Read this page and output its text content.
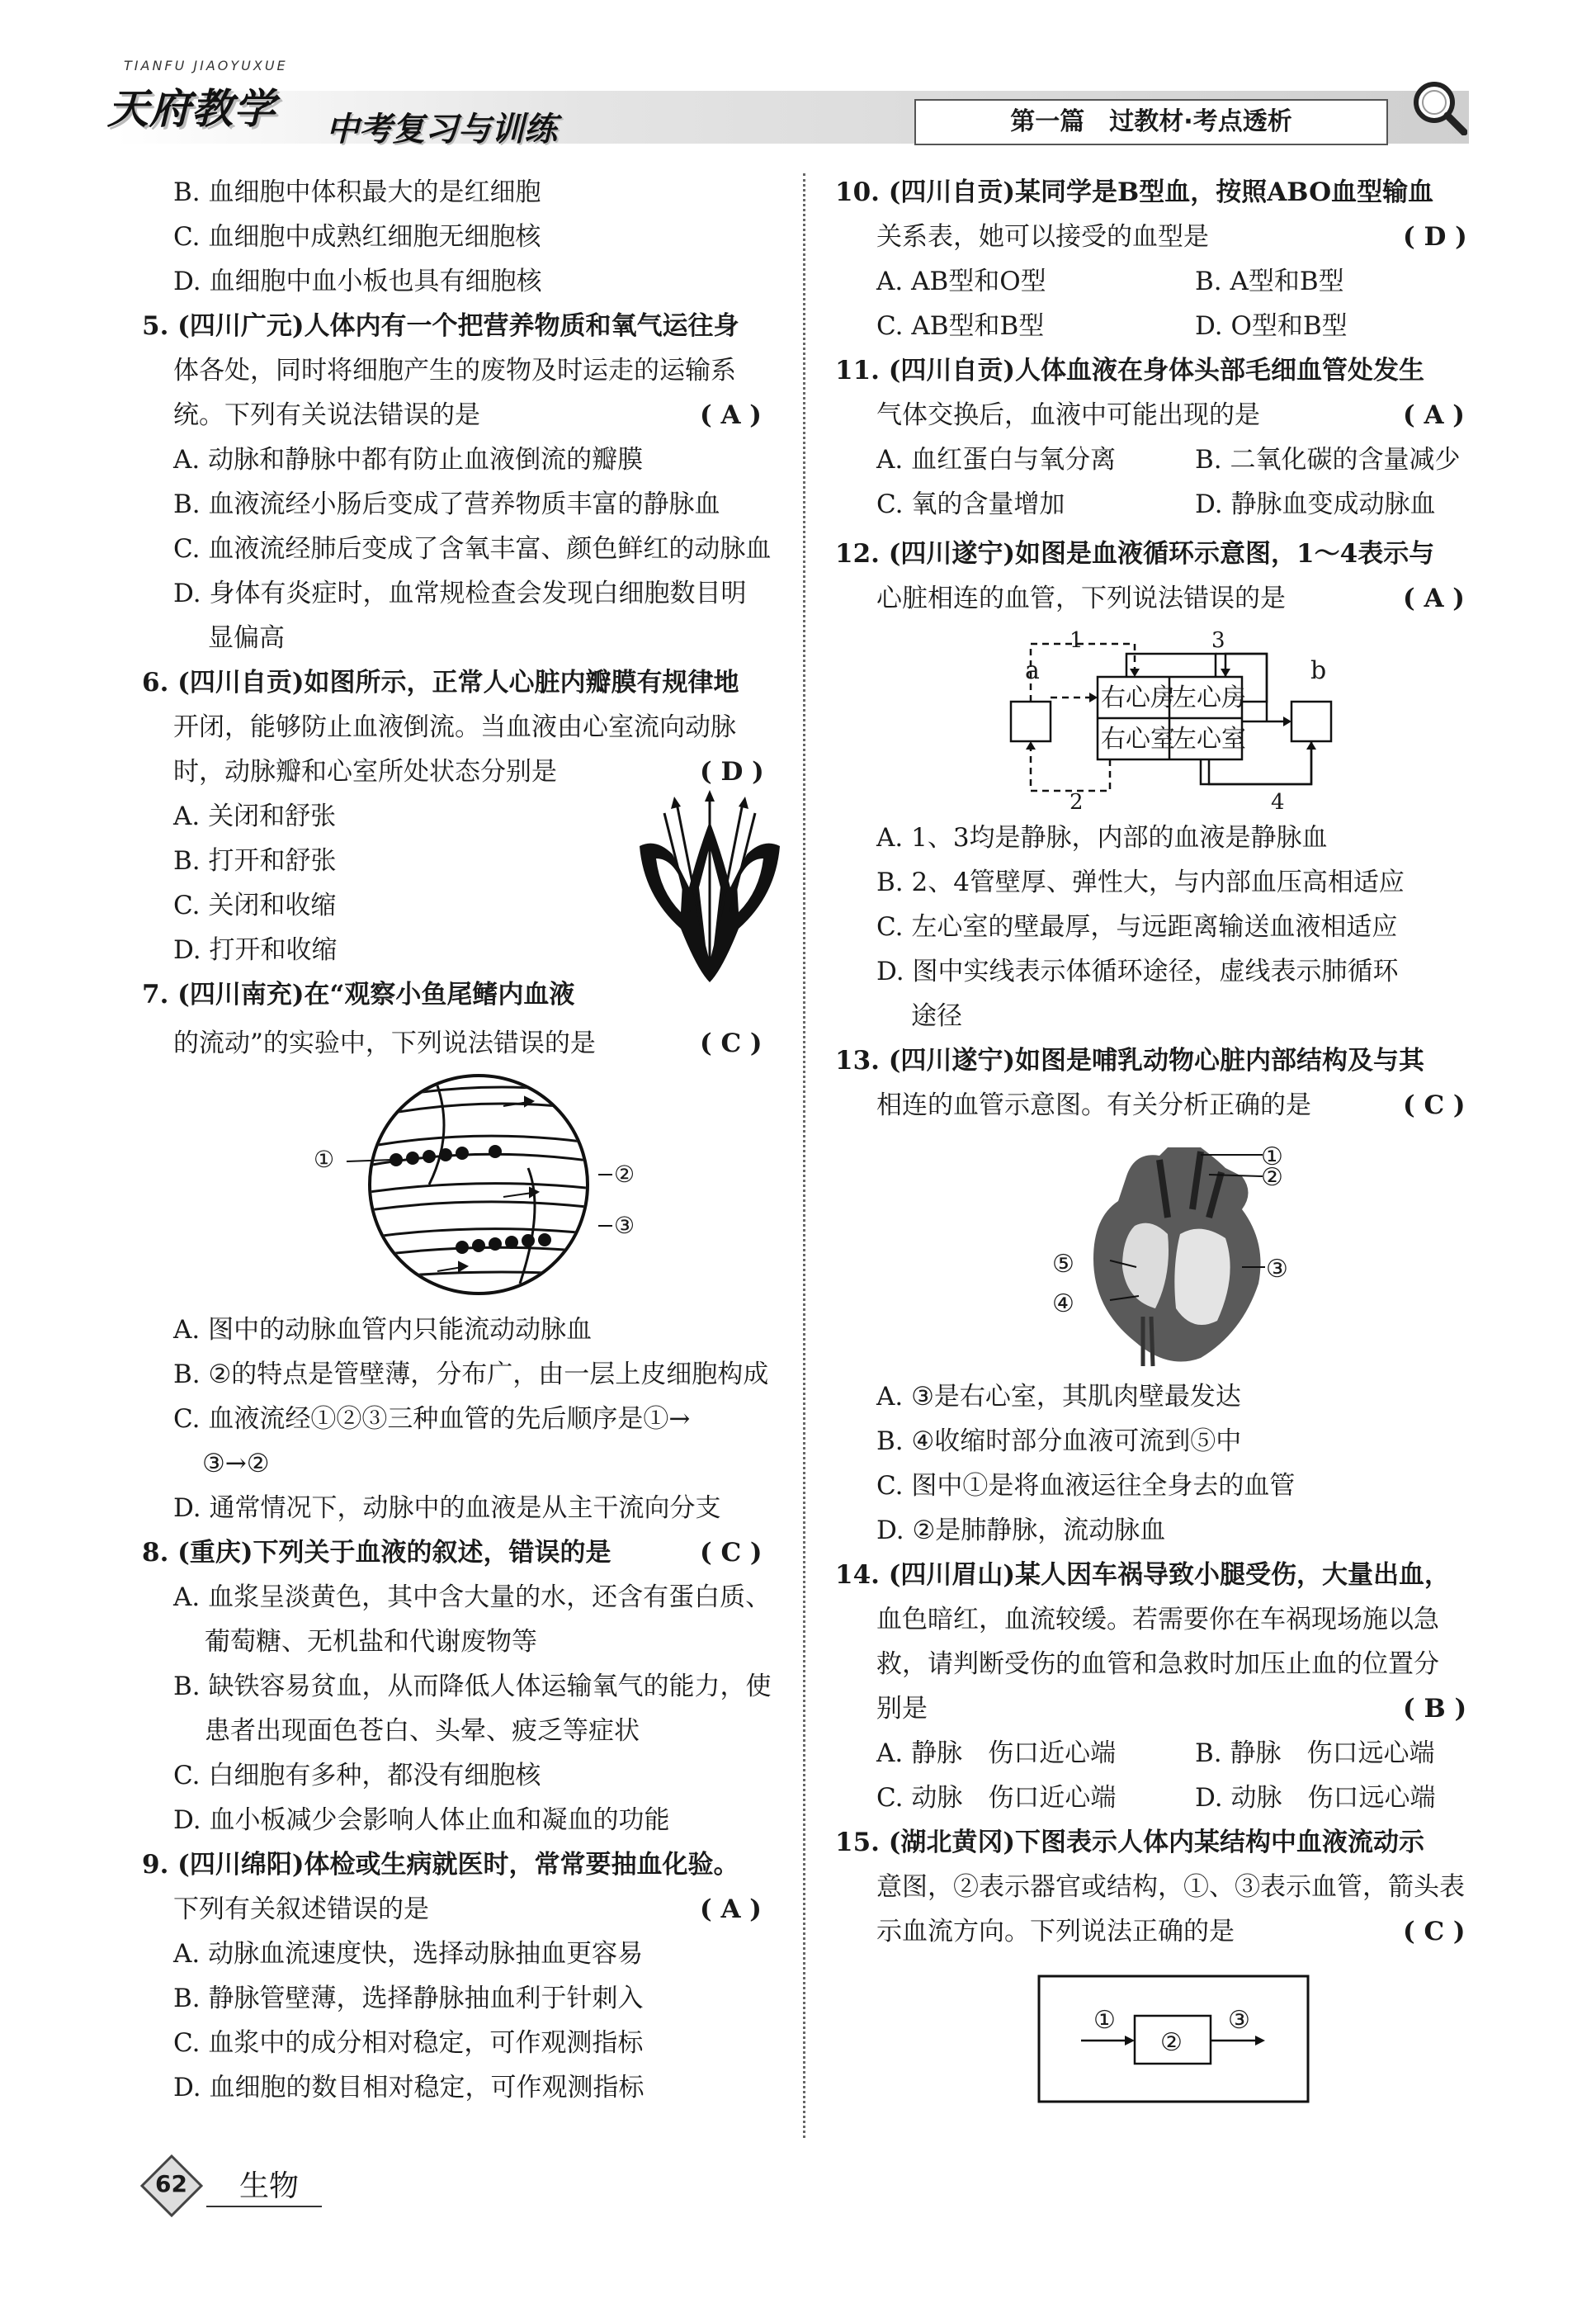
TIANFU JIAOYUXUE
天府教学 中考复习与训练	第一篇　过教材·考点透析
B. 血细胞中体积最大的是红细胞
C. 血细胞中成熟红细胞无细胞核
D. 血细胞中血小板也具有细胞核
5. (四川广元)人体内有一个把营养物质和氧气运往身
体各处，同时将细胞产生的废物及时运走的运输系
统。下列有关说法错误的是
A. 动脉和静脉中都有防止血液倒流的瓣膜
B. 血液流经小肠后变成了营养物质丰富的静脉血
C. 血液流经肺后变成了含氧丰富、颜色鲜红的动脉血
D. 身体有炎症时，血常规检查会发现白细胞数目明
显偏高
6. (四川自贡)如图所示，正常人心脏内瓣膜有规律地
开闭，能够防止血液倒流。当血液由心室流向动脉
时，动脉瓣和心室所处状态分别是
A. 关闭和舒张
B. 打开和舒张
C. 关闭和收缩
D. 打开和收缩
7. (四川南充)在“观察小鱼尾鳍内血液
的流动”的实验中，下列说法错误的是
A. 图中的动脉血管内只能流动动脉血
B. ②的特点是管壁薄，分布广，由一层上皮细胞构成
C. 血液流经①②③三种血管的先后顺序是①→
③→②
D. 通常情况下，动脉中的血液是从主干流向分支
8. (重庆)下列关于血液的叙述，错误的是
A. 血浆呈淡黄色，其中含大量的水，还含有蛋白质、
葡萄糖、无机盐和代谢废物等
B. 缺铁容易贫血，从而降低人体运输氧气的能力，使
患者出现面色苍白、头晕、疲乏等症状
C. 白细胞有多种，都没有细胞核
D. 血小板减少会影响人体止血和凝血的功能
9. (四川绵阳)体检或生病就医时，常常要抽血化验。
下列有关叙述错误的是
A. 动脉血流速度快，选择动脉抽血更容易
B. 静脉管壁薄，选择静脉抽血利于针刺入
C. 血浆中的成分相对稳定，可作观测指标
D. 血细胞的数目相对稳定，可作观测指标
( A )
( D )
( C )
( C )
( A )
10. (四川自贡)某同学是B型血，按照ABO血型输血
关系表，她可以接受的血型是
A. AB型和O型	B. A型和B型
C. AB型和B型	D. O型和B型
11. (四川自贡)人体血液在身体头部毛细血管处发生
气体交换后，血液中可能出现的是
A. 血红蛋白与氧分离	B. 二氧化碳的含量减少
C. 氧的含量增加	D. 静脉血变成动脉血
12. (四川遂宁)如图是血液循环示意图，1～4表示与
心脏相连的血管，下列说法错误的是
A. 1、3均是静脉，内部的血液是静脉血
B. 2、4管壁厚、弹性大，与内部血压高相适应
C. 左心室的壁最厚，与远距离输送血液相适应
D. 图中实线表示体循环途径，虚线表示肺循环
途径
13. (四川遂宁)如图是哺乳动物心脏内部结构及与其
相连的血管示意图。有关分析正确的是
A. ③是右心室，其肌肉壁最发达
B. ④收缩时部分血液可流到⑤中
C. 图中①是将血液运往全身去的血管
D. ②是肺静脉，流动脉血
14. (四川眉山)某人因车祸导致小腿受伤，大量出血，
血色暗红，血流较缓。若需要你在车祸现场施以急
救，请判断受伤的血管和急救时加压止血的位置分
别是
A. 静脉　伤口近心端	B. 静脉　伤口远心端
C. 动脉　伤口近心端	D. 动脉　伤口远心端
15. (湖北黄冈)下图表示人体内某结构中血液流动示
意图，②表示器官或结构，①、③表示血管，箭头表
示血流方向。下列说法正确的是
( D )
( A )
( A )
( C )
( B )
( C )
①
②
③
a	b
右心房
左心房
右心室
左心室
1	3
2	4
①
②
③
⑤
④
①
②
③
62 生物
